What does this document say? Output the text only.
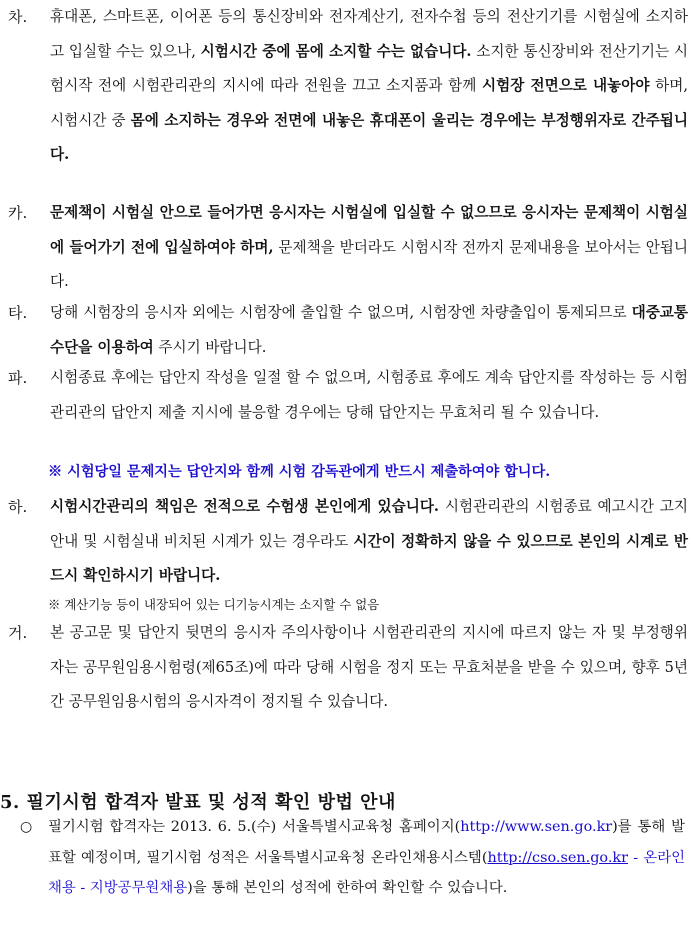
차. 휴대폰, 스마트폰, 이어폰 등의 통신장비와 전자계산기, 전자수첩 등의 전산기기를 시험실에 소지하고 입실할 수는 있으나, 시험시간 중에 몸에 소지할 수는 없습니다. 소지한 통신장비와 전산기기는 시험시작 전에 시험관리관의 지시에 따라 전원을 끄고 소지품과 함께 시험장 전면으로 내놓아야 하며, 시험시간 중 몸에 소지하는 경우와 전면에 내놓은 휴대폰이 울리는 경우에는 부정행위자로 간주됩니다.
카. 문제책이 시험실 안으로 들어가면 응시자는 시험실에 입실할 수 없으므로 응시자는 문제책이 시험실에 들어가기 전에 입실하여야 하며, 문제책을 받더라도 시험시작 전까지 문제내용을 보아서는 안됩니다.
타. 당해 시험장의 응시자 외에는 시험장에 출입할 수 없으며, 시험장엔 차량출입이 통제되므로 대중교통수단을 이용하여 주시기 바랍니다.
파. 시험종료 후에는 답안지 작성을 일절 할 수 없으며, 시험종료 후에도 계속 답안지를 작성하는 등 시험관리관의 답안지 제출 지시에 불응할 경우에는 당해 답안지는 무효처리 될 수 있습니다.
※ 시험당일 문제지는 답안지와 함께 시험 감독관에게 반드시 제출하여야 합니다.
하. 시험시간관리의 책임은 전적으로 수험생 본인에게 있습니다. 시험관리관의 시험종료 예고시간 고지 안내 및 시험실내 비치된 시계가 있는 경우라도 시간이 정확하지 않을 수 있으므로 본인의 시계로 반드시 확인하시기 바랍니다.
※ 계산기능 등이 내장되어 있는 디기능시계는 소지할 수 없음
거. 본 공고문 및 답안지 뒷면의 응시자 주의사항이나 시험관리관의 지시에 따르지 않는 자 및 부정행위자는 공무원임용시험령(제65조)에 따라 당해 시험을 정지 또는 무효처분을 받을 수 있으며, 향후 5년간 공무원임용시험의 응시자격이 정지될 수 있습니다.
5. 필기시험 합격자 발표 및 성적 확인 방법 안내
○ 필기시험 합격자는 2013. 6. 5.(수) 서울특별시교육청 홈페이지(http://www.sen.go.kr)를 통해 발표할 예정이며, 필기시험 성적은 서울특별시교육청 온라인채용시스템(http://cso.sen.go.kr - 온라인채용 - 지방공무원채용)을 통해 본인의 성적에 한하여 확인할 수 있습니다.
